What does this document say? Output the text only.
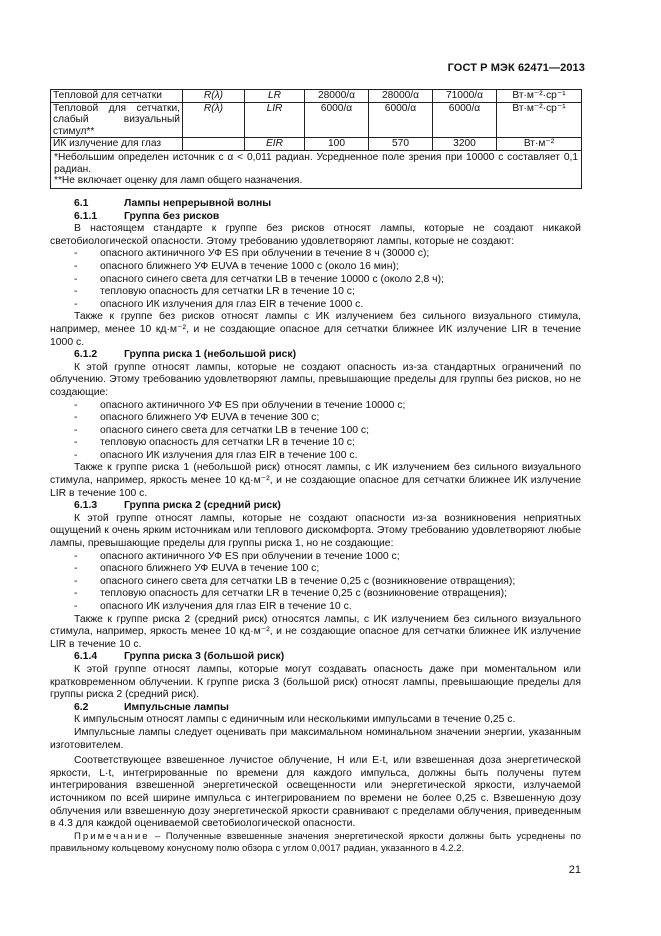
ГОСТ Р МЭК 62471—2013
Тепловой для сетчатки	R(λ)	LR	28000/α	28000/α	71000/α	Вт·м⁻²·ср⁻¹
Тепловой для сетчатки, слабый визуальный стимул**	R(λ)	LIR	6000/α	6000/α	6000/α	Вт·м⁻²·ср⁻¹
ИК излучение для глаз		EIR	100	570	3200	Вт·м⁻²

*Небольшим определен источник с α < 0,011 радиан. Усредненное поле зрения при 10000 с составляет 0,1 радиан.
**Не включает оценку для ламп общего назначения.						
6.1	Лампы непрерывной волны
6.1.1	Группа без рисков
В настоящем стандарте к группе без рисков относят лампы, которые не создают никакой светобиологической опасности. Этому требованию удовлетворяют лампы, которые не создают:
- опасного актиничного УФ ES при облучении в течение 8 ч (30000 с);
- опасного ближнего УФ EUVA в течение 1000 с (около 16 мин);
- опасного синего света для сетчатки LB в течение 10000 с (около 2,8 ч);
- тепловую опасность для сетчатки LR в течение 10 с;
- опасного ИК излучения для глаз EIR в течение 1000 с.
Также к группе без рисков относят лампы с ИК излучением без сильного визуального стимула, например, менее 10 кд·м⁻², и не создающие опасное для сетчатки ближнее ИК излучение LIR в течение 1000 с.
6.1.2	Группа риска 1 (небольшой риск)
К этой группе относят лампы, которые не создают опасность из-за стандартных ограничений по облучению. Этому требованию удовлетворяют лампы, превышающие пределы для группы без рисков, но не создающие:
- опасного актиничного УФ ES при облучении в течение 10000 с;
- опасного ближнего УФ EUVA в течение 300 с;
- опасного синего света для сетчатки LB в течение 100 с;
- тепловую опасность для сетчатки LR в течение 10 с;
- опасного ИК излучения для глаз EIR в течение 100 с.
Также к группе риска 1 (небольшой риск) относят лампы, с ИК излучением без сильного визуального стимула, например, яркость менее 10 кд·м⁻², и не создающие опасное для сетчатки ближнее ИК излучение LIR в течение 100 с.
6.1.3	Группа риска 2 (средний риск)
К этой группе относят лампы, которые не создают опасности из-за возникновения неприятных ощущений к очень ярким источникам или теплового дискомфорта. Этому требованию удовлетворяют любые лампы, превышающие пределы для группы риска 1, но не создающие:
- опасного актиничного УФ ES при облучении в течение 1000 с;
- опасного ближнего УФ EUVA в течение 100 с;
- опасного синего света для сетчатки LB в течение 0,25 с (возникновение отвращения);
- тепловую опасность для сетчатки LR в течение 0,25 с (возникновение отвращения);
- опасного ИК излучения для глаз EIR в течение 10 с.
Также к группе риска 2 (средний риск) относятся лампы, с ИК излучением без сильного визуального стимула, например, яркость менее 10 кд·м⁻², и не создающие опасное для сетчатки ближнее ИК излучение LIR в течение 10 с.
6.1.4	Группа риска 3 (большой риск)
К этой группе относят лампы, которые могут создавать опасность даже при моментальном или кратковременном облучении. К группе риска 3 (большой риск) относят лампы, превышающие пределы для группы риска 2 (средний риск).
6.2	Импульсные лампы
К импульсным относят лампы с единичным или несколькими импульсами в течение 0,25 с.
Импульсные лампы следует оценивать при максимальном номинальном значении энергии, указанным изготовителем.
Соответствующее взвешенное лучистое облучение, H или E·t, или взвешенная доза энергетической яркости, L·t, интегрированные по времени для каждого импульса, должны быть получены путем интегрирования взвешенной энергетической освещенности или энергетической яркости, излучаемой источником по всей ширине импульса с интегрированием по времени не более 0,25 с. Взвешенную дозу облучения или взвешенную дозу энергетической яркости сравнивают с пределами облучения, приведенным в 4.3 для каждой оцениваемой светобиологической опасности.
Примечание – Полученные взвешенные значения энергетической яркости должны быть усреднены по правильному кольцевому конусному полю обзора с углом 0,0017 радиан, указанного в 4.2.2.
21
